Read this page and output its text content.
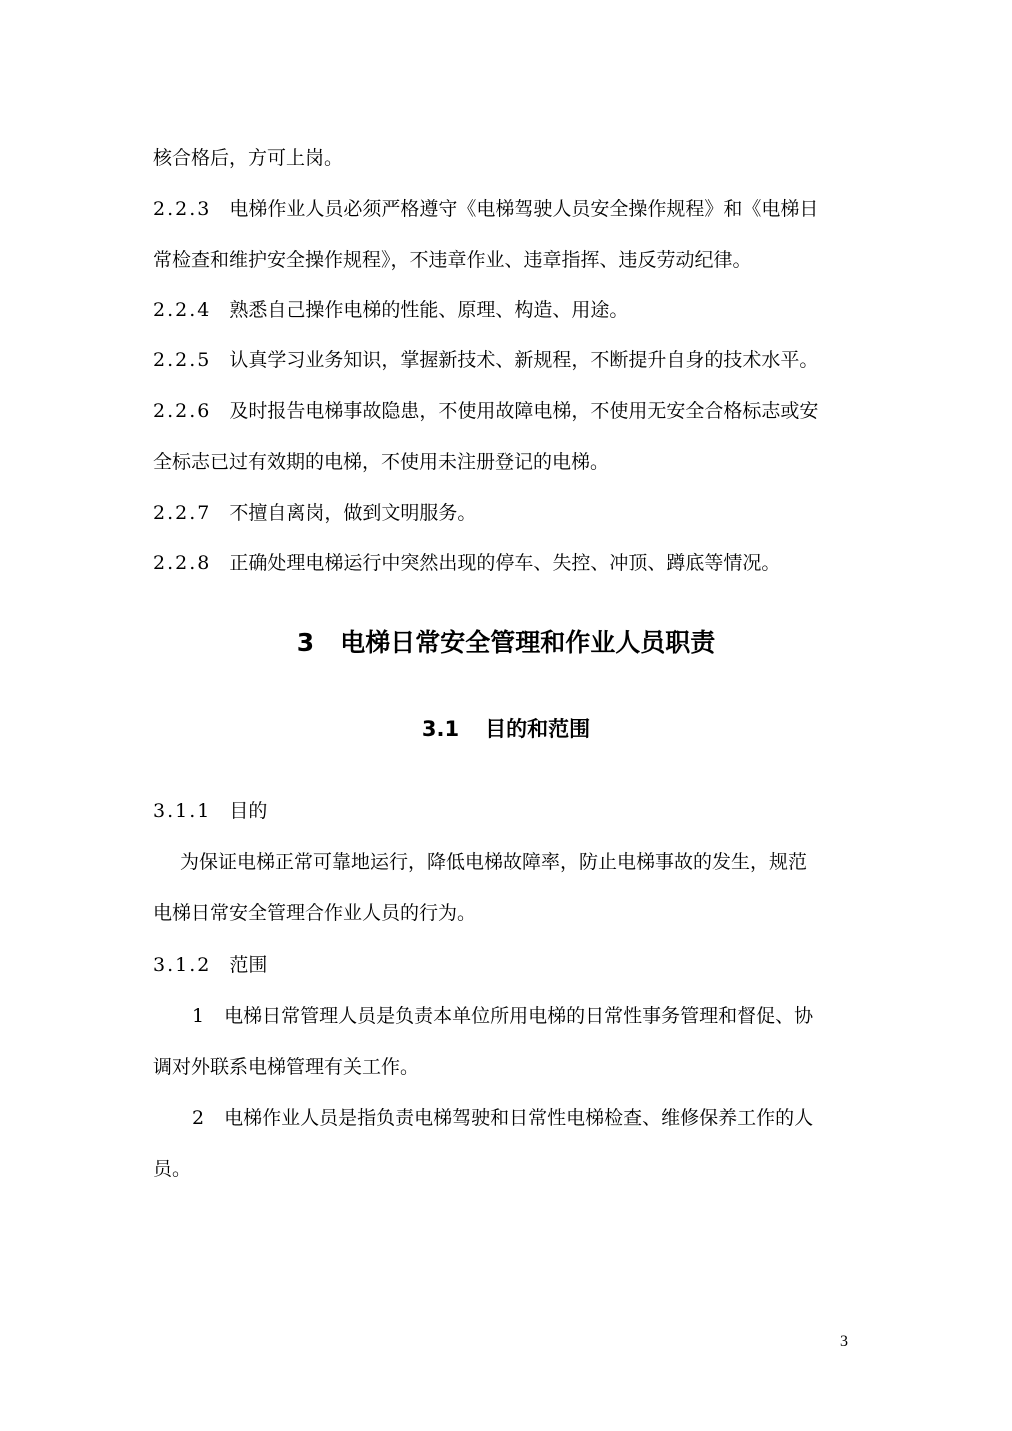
核合格后，方可上岗。
2.2.3 电梯作业人员必须严格遵守《电梯驾驶人员安全操作规程》和《电梯日
常检查和维护安全操作规程》，不违章作业、违章指挥、违反劳动纪律。
2.2.4 熟悉自己操作电梯的性能、原理、构造、用途。
2.2.5 认真学习业务知识，掌握新技术、新规程，不断提升自身的技术水平。
2.2.6 及时报告电梯事故隐患，不使用故障电梯，不使用无安全合格标志或安
全标志已过有效期的电梯，不使用未注册登记的电梯。
2.2.7 不擅自离岗，做到文明服务。
2.2.8 正确处理电梯运行中突然出现的停车、失控、冲顶、蹲底等情况。
3 电梯日常安全管理和作业人员职责
3.1 目的和范围
3.1.1 目的
为保证电梯正常可靠地运行，降低电梯故障率，防止电梯事故的发生，规范
电梯日常安全管理合作业人员的行为。
3.1.2 范围
1 电梯日常管理人员是负责本单位所用电梯的日常性事务管理和督促、协
调对外联系电梯管理有关工作。
2 电梯作业人员是指负责电梯驾驶和日常性电梯检查、维修保养工作的人
员。
3
